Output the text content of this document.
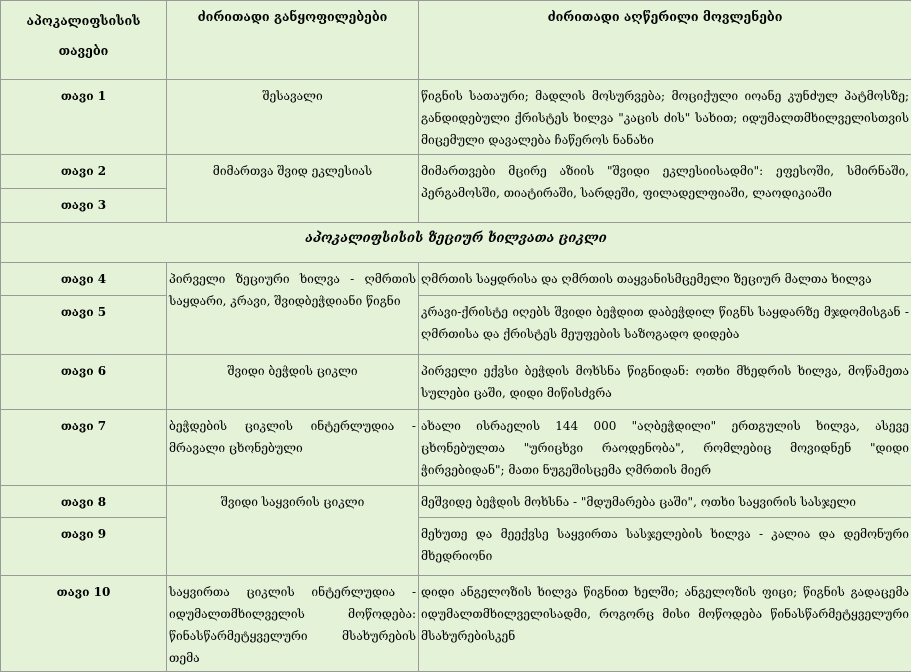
აპოკალიფსისის თავები	ძირითადი განყოფილებები	ძირითადი აღწერილი მოვლენები
თავი 1	შესავალი	წიგნის სათაური; მადლის მოსურვება; მოციქული იოანე კუნძულ პატმოსზე; განდიდებული ქრისტეს ხილვა "კაცის ძის" სახით; იდუმალთმხილველისთვის მიცემული დავალება ჩაწეროს ნანახი
თავი 2	მიმართვა შვიდ ეკლესიას	მიმართვები მცირე აზიის "შვიდი ეკლესიისადმი": ეფესოში, სმირნაში, პერგამოსში, თიატირაში, სარდეში, ფილადელფიაში, ლაოდიკიაში
თავი 3		
აპოკალიფსისის ზეციურ ხილვათა ციკლი		
თავი 4	პირველი ზეციური ხილვა - ღმრთის საყდარი, კრავი, შვიდბეჭდიანი წიგნი	ღმრთის საყდრისა და ღმრთის თაყვანისმცემელი ზეციურ მალთა ხილვა
თავი 5		კრავი-ქრისტე იღებს შვიდი ბეჭდით დაბეჭდილ წიგნს საყდარზე მჯდომისგან - ღმრთისა და ქრისტეს მეუფების საზოგადო დიდება
თავი 6	შვიდი ბეჭდის ციკლი	პირველი ექვსი ბეჭდის მოხსნა წიგნიდან: ოთხი მხედრის ხილვა, მოწამეთა სულები ცაში, დიდი მიწისძვრა
თავი 7	ბეჭდების ციკლის ინტერლუდია - მრავალი ცხონებული	ახალი ისრაელის 144 000 "აღბეჭდილი" ერთგულის ხილვა, ასევე ცხონებულთა "ურიცხვი რაოდენობა", რომლებიც მოვიდნენ "დიდი ჭირვებიდან"; მათი ნუგეშისცემა ღმრთის მიერ
თავი 8	შვიდი საყვირის ციკლი	მეშვიდე ბეჭდის მოხსნა - "მდუმარება ცაში", ოთხი საყვირის სასჯელი
თავი 9		მეხუთე და მეექვსე საყვირთა სასჯელების ხილვა - კალია და დემონური მხედრიონი
თავი 10	საყვირთა ციკლის ინტერლუდია - იდუმალთმხილველის მოწოდება: წინასწარმეტყველური მსახურების თემა	დიდი ანგელოზის ხილვა წიგნით ხელში; ანგელოზის ფიცი; წიგნის გადაცემა იდუმალთმხილველისადმი, როგორც მისი მოწოდება წინასწარმეტყველური მსახურებისკენ
